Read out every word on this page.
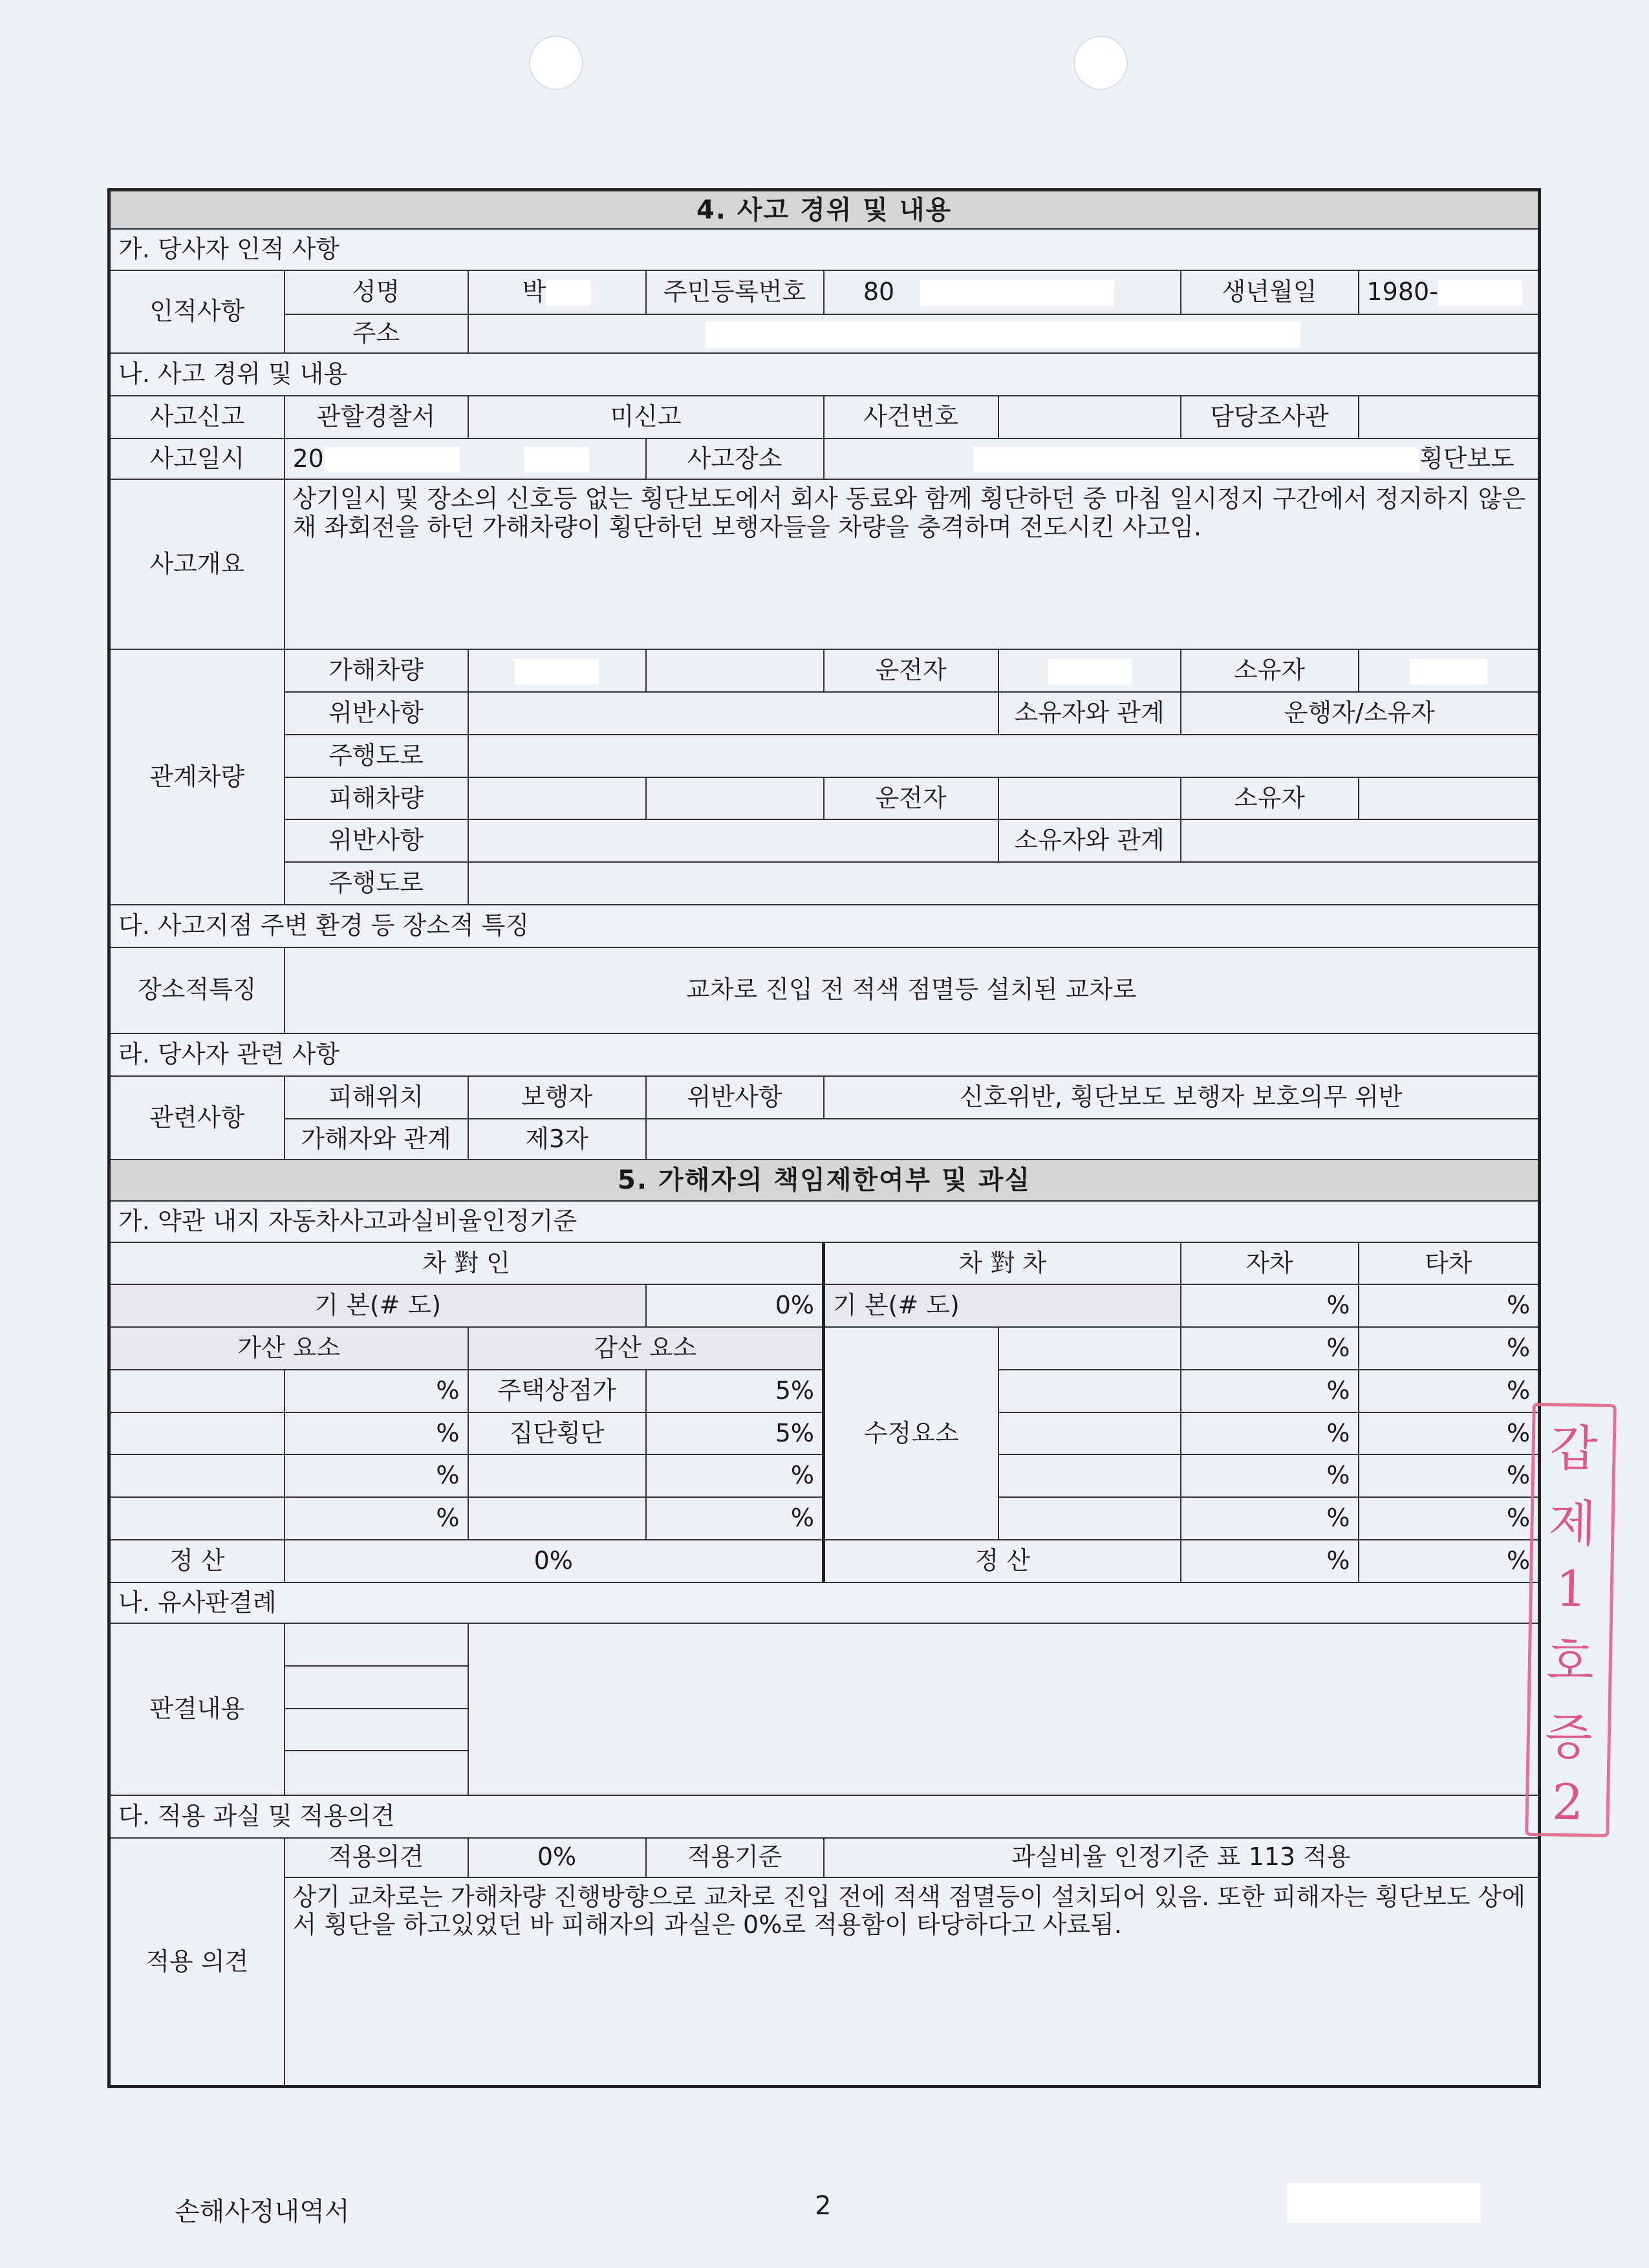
4. 사고 경위 및 내용							
가. 당사자 인적 사항							
인적사항	성명	박	주민등록번호	80		생년월일	1980-
	주소						
나. 사고 경위 및 내용							
사고신고	관할경찰서	미신고		사건번호		담당조사관	
사고일시	20		사고장소	횡단보도			
사고개요	상기일시 및 장소의 신호등 없는 횡단보도에서 회사 동료와 함께 횡단하던 중 마침 일시정지 구간에서 정지하지 않은 채 좌회전을 하던 가해차량이 횡단하던 보행자들을 차량을 충격하며 전도시킨 사고임.						
관계차량	가해차량			운전자		소유자	
	위반사항				소유자와 관계	운행자/소유자	
	주행도로						
	피해차량			운전자		소유자	
	위반사항				소유자와 관계		
	주행도로						
다. 사고지점 주변 환경 등 장소적 특징							
장소적특징	교차로 진입 전 적색 점멸등 설치된 교차로						
라. 당사자 관련 사항							
관련사항	피해위치	보행자	위반사항	신호위반, 횡단보도 보행자 보호의무 위반			
	가해자와 관계	제3자					
5. 가해자의 책임제한여부 및 과실							
가. 약관 내지 자동차사고과실비율인정기준							
차 對 인				차 對 차		자차	타차
기 본(# 도)			0%	기 본(# 도)		%	%
가산 요소		감산 요소		수정요소		%	%
	%	주택상점가	5%			%	%
	%	집단횡단	5%			%	%
	%		%			%	%
	%		%			%	%
정 산	0%			정 산		%	%
나. 유사판결례							
판결내용							

다. 적용 과실 및 적용의견							
적용 의견	적용의견	0%	적용기준	과실비율 인정기준 표 113 적용			
	상기 교차로는 가해차량 진행방향으로 교차로 진입 전에 적색 점멸등이 설치되어 있음. 또한 피해자는 횡단보도 상에서 횡단을 하고있었던 바 피해자의 과실은 0%로 적용함이 타당하다고 사료됨.						
갑
제
1
호
증
2
손해사정내역서	2
